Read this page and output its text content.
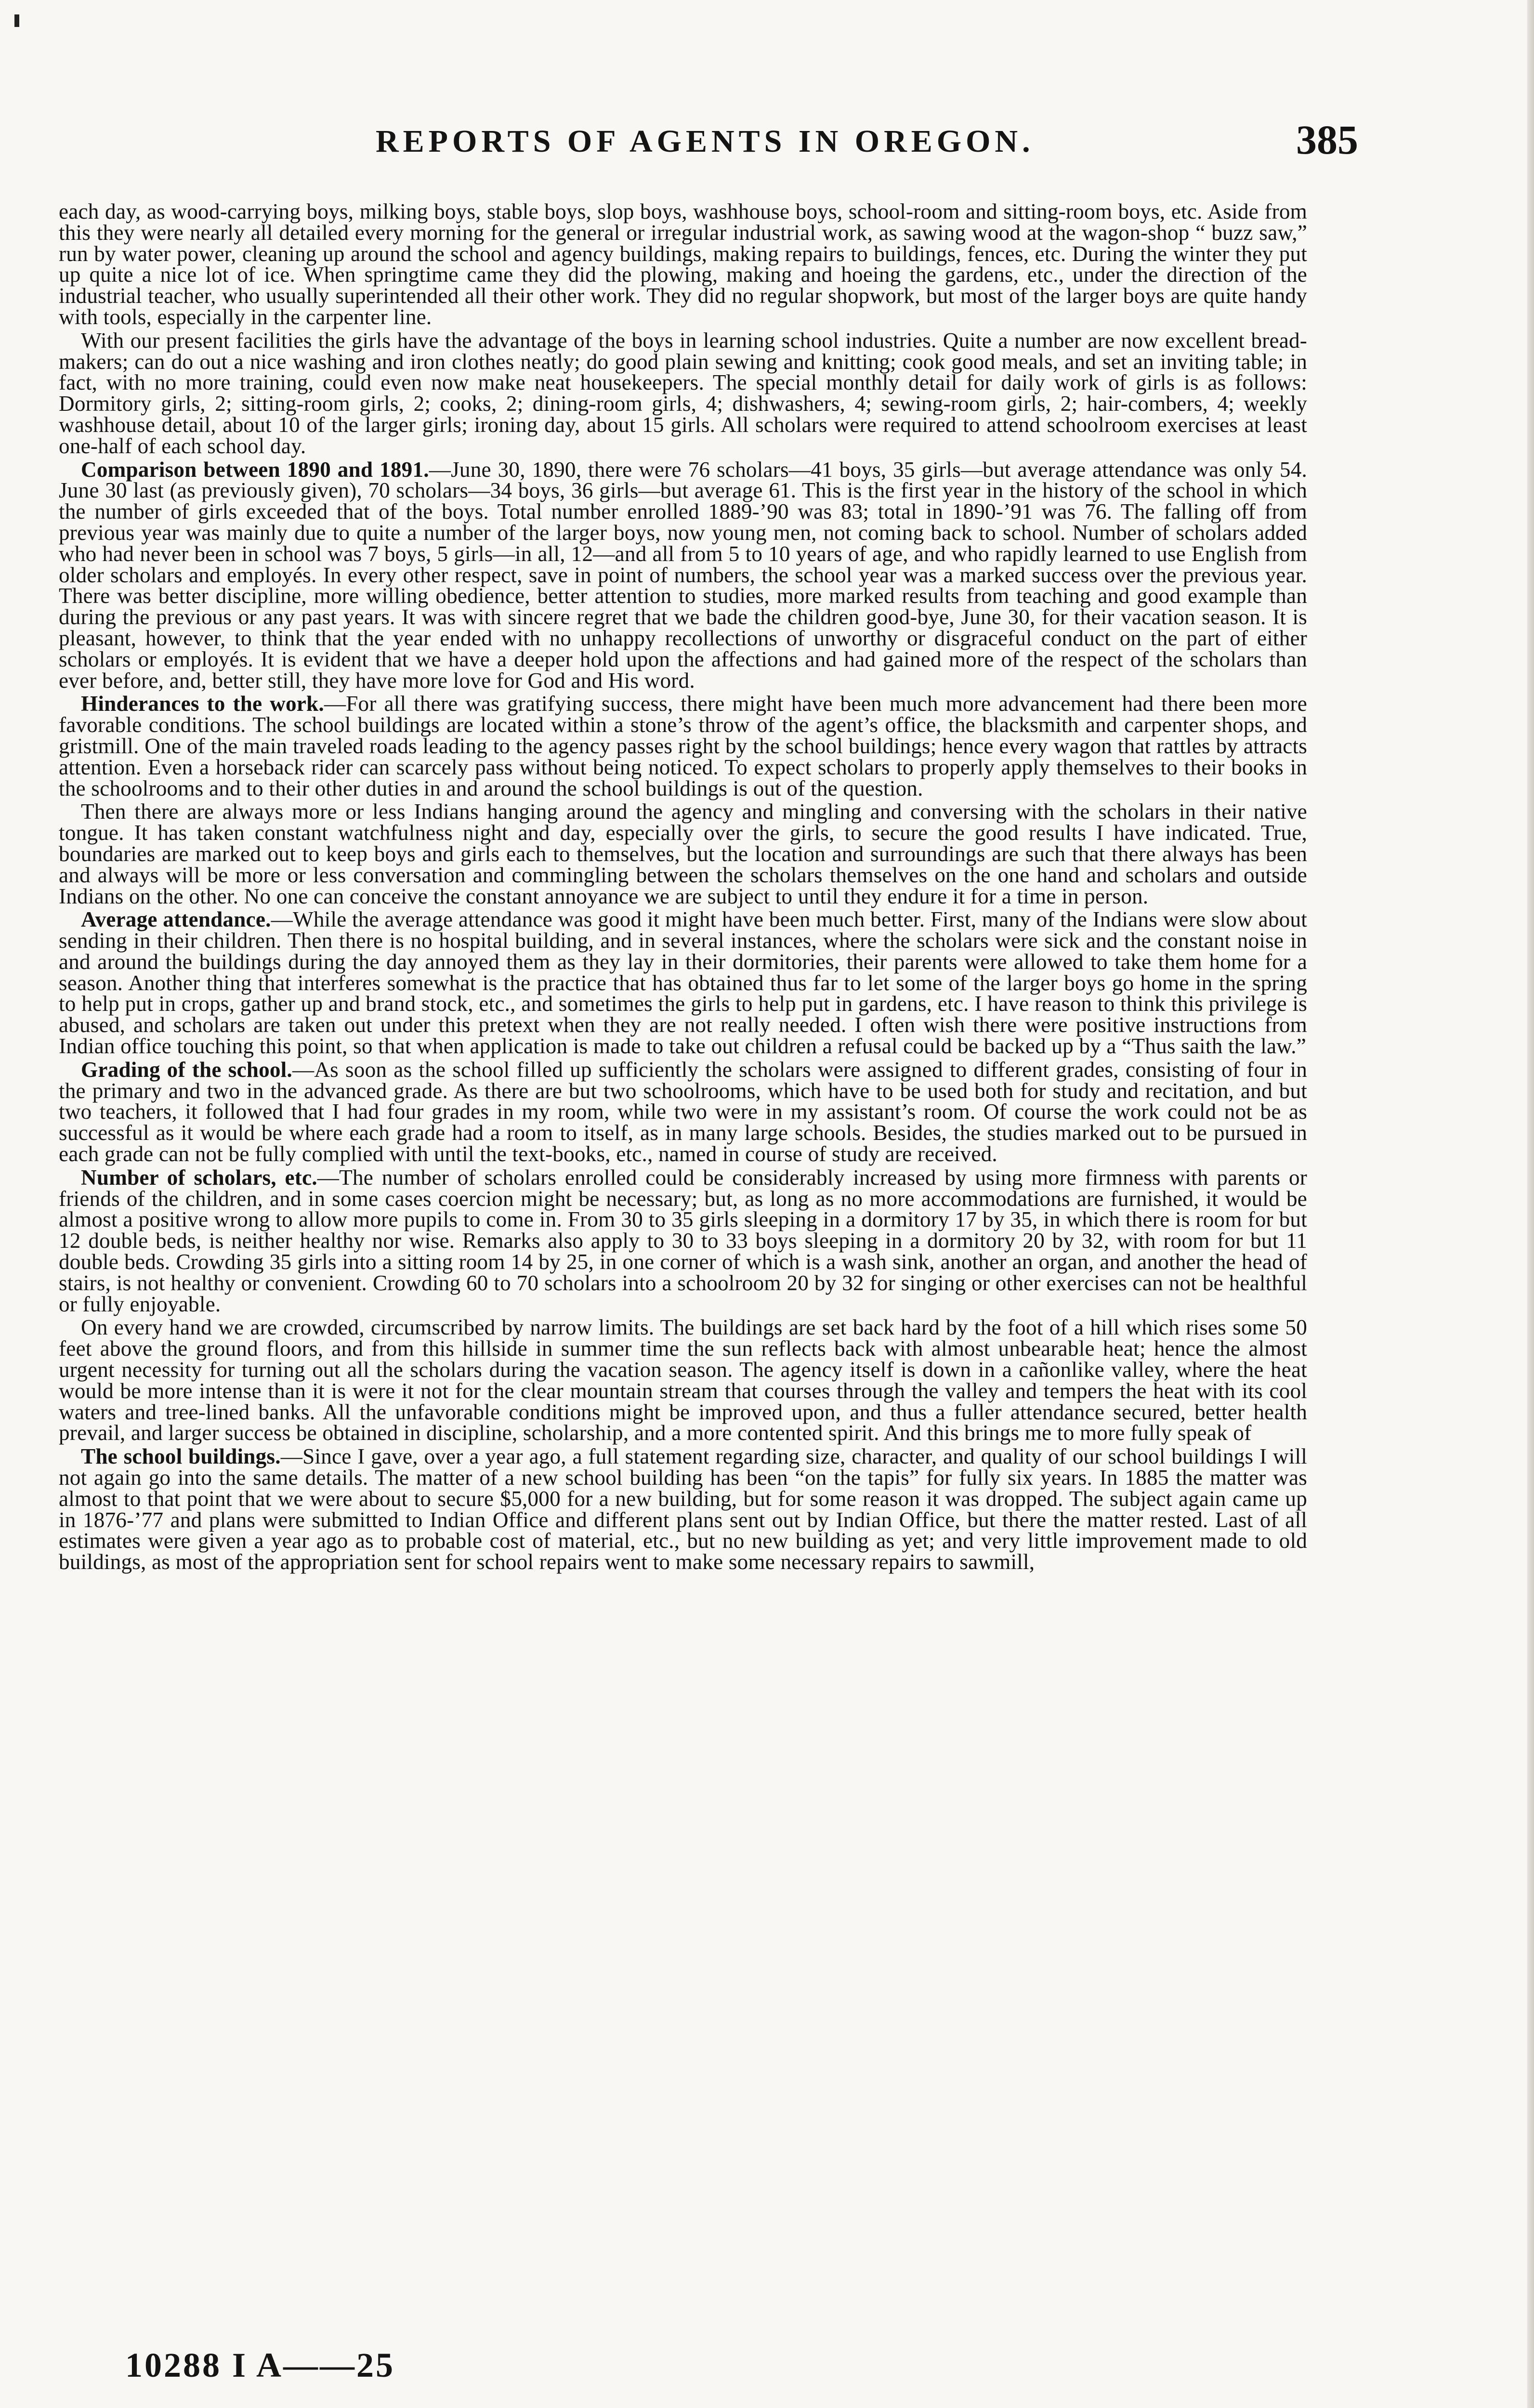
REPORTS OF AGENTS IN OREGON.	385

each day, as wood-carrying boys, milking boys, stable boys, slop boys, washhouse boys, school-room and sitting-room boys, etc. Aside from this they were nearly all detailed every morning for the general or irregular industrial work, as sawing wood at the wagon-shop “ buzz saw,” run by water power, cleaning up around the school and agency buildings, making repairs to buildings, fences, etc. During the winter they put up quite a nice lot of ice. When springtime came they did the plowing, making and hoeing the gardens, etc., under the direction of the industrial teacher, who usually superintended all their other work. They did no regular shopwork, but most of the larger boys are quite handy with tools, especially in the carpenter line.

With our present facilities the girls have the advantage of the boys in learning school industries. Quite a number are now excellent bread-makers; can do out a nice washing and iron clothes neatly; do good plain sewing and knitting; cook good meals, and set an inviting table; in fact, with no more training, could even now make neat housekeepers. The special monthly detail for daily work of girls is as follows: Dormitory girls, 2; sitting-room girls, 2; cooks, 2; dining-room girls, 4; dishwashers, 4; sewing-room girls, 2; hair-combers, 4; weekly washhouse detail, about 10 of the larger girls; ironing day, about 15 girls. All scholars were required to attend schoolroom exercises at least one-half of each school day.

Comparison between 1890 and 1891.—June 30, 1890, there were 76 scholars—41 boys, 35 girls—but average attendance was only 54. June 30 last (as previously given), 70 scholars—34 boys, 36 girls—but average 61. This is the first year in the history of the school in which the number of girls exceeded that of the boys. Total number enrolled 1889-’90 was 83; total in 1890-’91 was 76. The falling off from previous year was mainly due to quite a number of the larger boys, now young men, not coming back to school. Number of scholars added who had never been in school was 7 boys, 5 girls—in all, 12—and all from 5 to 10 years of age, and who rapidly learned to use English from older scholars and employés. In every other respect, save in point of numbers, the school year was a marked success over the previous year. There was better discipline, more willing obedience, better attention to studies, more marked results from teaching and good example than during the previous or any past years. It was with sincere regret that we bade the children good-bye, June 30, for their vacation season. It is pleasant, however, to think that the year ended with no unhappy recollections of unworthy or disgraceful conduct on the part of either scholars or employés. It is evident that we have a deeper hold upon the affections and had gained more of the respect of the scholars than ever before, and, better still, they have more love for God and His word.

Hinderances to the work.—For all there was gratifying success, there might have been much more advancement had there been more favorable conditions. The school buildings are located within a stone’s throw of the agent’s office, the blacksmith and carpenter shops, and gristmill. One of the main traveled roads leading to the agency passes right by the school buildings; hence every wagon that rattles by attracts attention. Even a horseback rider can scarcely pass without being noticed. To expect scholars to properly apply themselves to their books in the schoolrooms and to their other duties in and around the school buildings is out of the question.

Then there are always more or less Indians hanging around the agency and mingling and conversing with the scholars in their native tongue. It has taken constant watchfulness night and day, especially over the girls, to secure the good results I have indicated. True, boundaries are marked out to keep boys and girls each to themselves, but the location and surroundings are such that there always has been and always will be more or less conversation and commingling between the scholars themselves on the one hand and scholars and outside Indians on the other. No one can conceive the constant annoyance we are subject to until they endure it for a time in person.

Average attendance.—While the average attendance was good it might have been much better. First, many of the Indians were slow about sending in their children. Then there is no hospital building, and in several instances, where the scholars were sick and the constant noise in and around the buildings during the day annoyed them as they lay in their dormitories, their parents were allowed to take them home for a season. Another thing that interferes somewhat is the practice that has obtained thus far to let some of the larger boys go home in the spring to help put in crops, gather up and brand stock, etc., and sometimes the girls to help put in gardens, etc. I have reason to think this privilege is abused, and scholars are taken out under this pretext when they are not really needed. I often wish there were positive instructions from Indian office touching this point, so that when application is made to take out children a refusal could be backed up by a “Thus saith the law.”

Grading of the school.—As soon as the school filled up sufficiently the scholars were assigned to different grades, consisting of four in the primary and two in the advanced grade. As there are but two schoolrooms, which have to be used both for study and recitation, and but two teachers, it followed that I had four grades in my room, while two were in my assistant’s room. Of course the work could not be as successful as it would be where each grade had a room to itself, as in many large schools. Besides, the studies marked out to be pursued in each grade can not be fully complied with until the text-books, etc., named in course of study are received.

Number of scholars, etc.—The number of scholars enrolled could be considerably increased by using more firmness with parents or friends of the children, and in some cases coercion might be necessary; but, as long as no more accommodations are furnished, it would be almost a positive wrong to allow more pupils to come in. From 30 to 35 girls sleeping in a dormitory 17 by 35, in which there is room for but 12 double beds, is neither healthy nor wise. Remarks also apply to 30 to 33 boys sleeping in a dormitory 20 by 32, with room for but 11 double beds. Crowding 35 girls into a sitting room 14 by 25, in one corner of which is a wash sink, another an organ, and another the head of stairs, is not healthy or convenient. Crowding 60 to 70 scholars into a schoolroom 20 by 32 for singing or other exercises can not be healthful or fully enjoyable.

On every hand we are crowded, circumscribed by narrow limits. The buildings are set back hard by the foot of a hill which rises some 50 feet above the ground floors, and from this hillside in summer time the sun reflects back with almost unbearable heat; hence the almost urgent necessity for turning out all the scholars during the vacation season. The agency itself is down in a cañonlike valley, where the heat would be more intense than it is were it not for the clear mountain stream that courses through the valley and tempers the heat with its cool waters and tree-lined banks. All the unfavorable conditions might be improved upon, and thus a fuller attendance secured, better health prevail, and larger success be obtained in discipline, scholarship, and a more contented spirit. And this brings me to more fully speak of

The school buildings.—Since I gave, over a year ago, a full statement regarding size, character, and quality of our school buildings I will not again go into the same details. The matter of a new school building has been “on the tapis” for fully six years. In 1885 the matter was almost to that point that we were about to secure $5,000 for a new building, but for some reason it was dropped. The subject again came up in 1876-’77 and plans were submitted to Indian Office and different plans sent out by Indian Office, but there the matter rested. Last of all estimates were given a year ago as to probable cost of material, etc., but no new building as yet; and very little improvement made to old buildings, as most of the appropriation sent for school repairs went to make some necessary repairs to sawmill,

10288 I A——25
